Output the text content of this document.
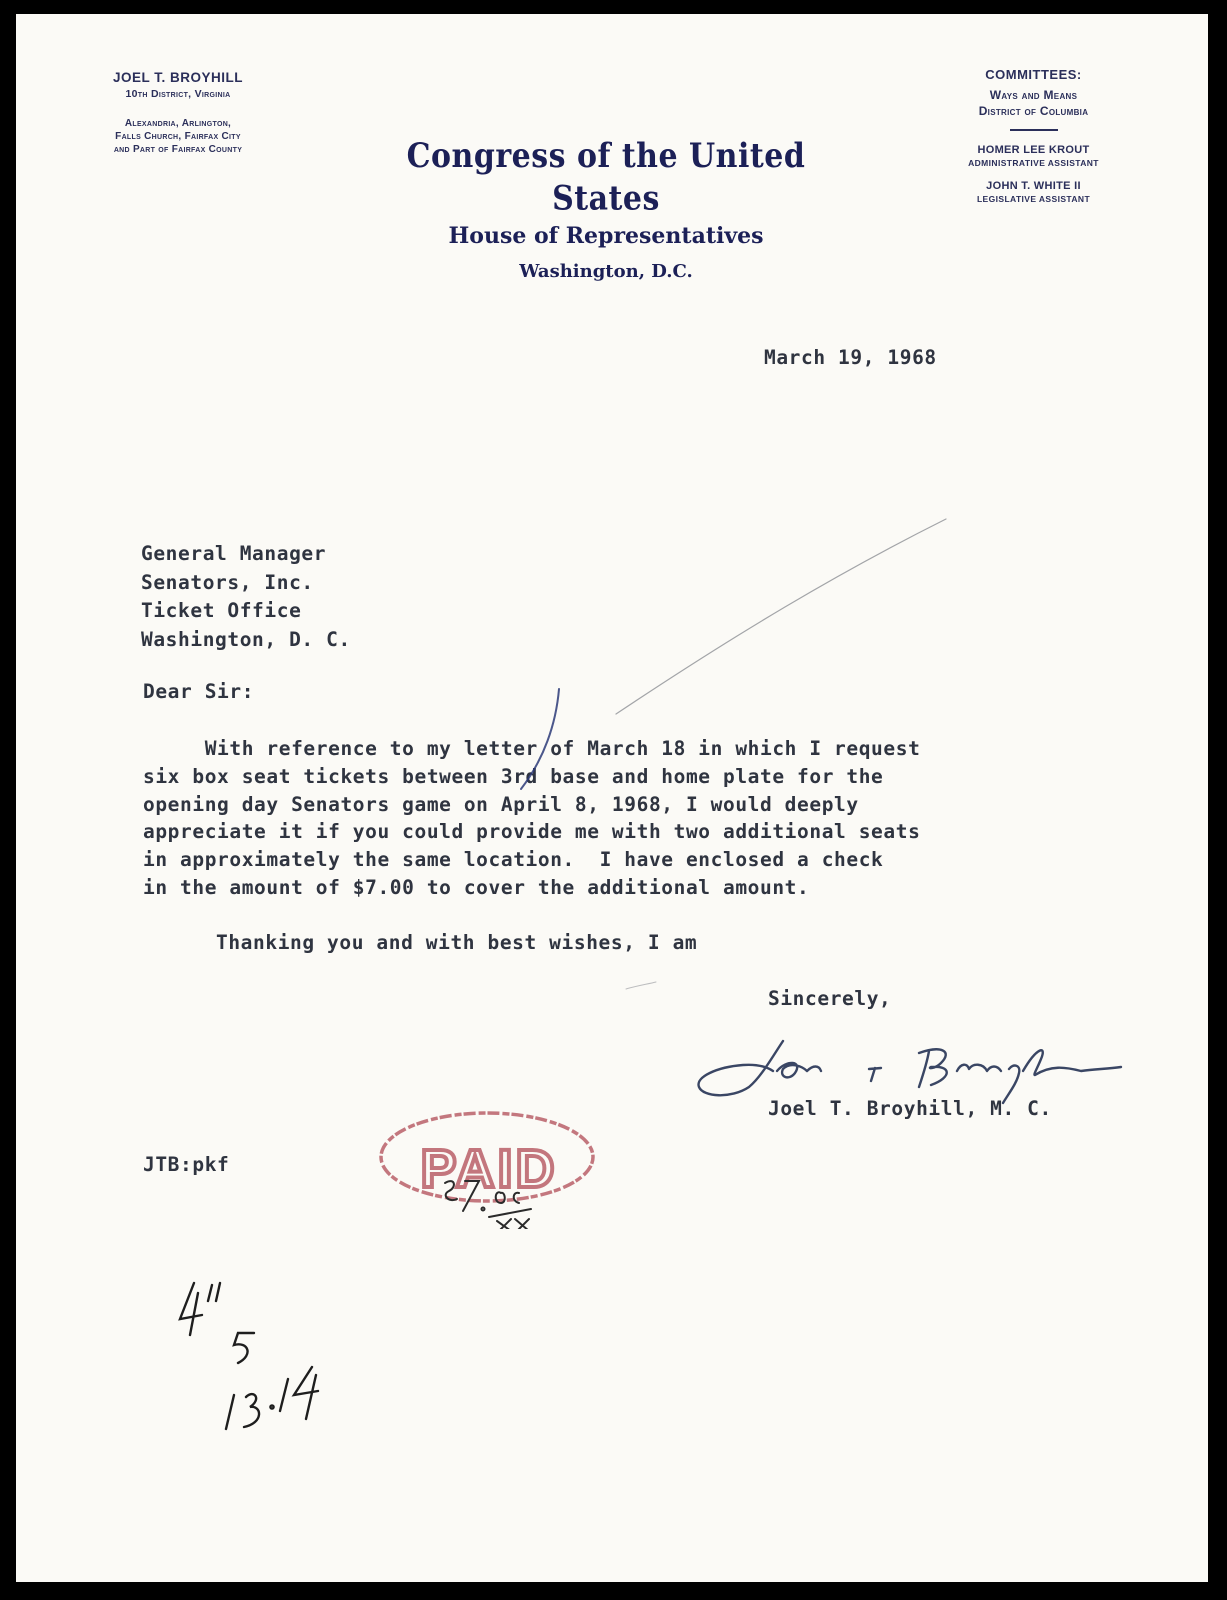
JOEL T. BROYHILL
10th District, Virginia
Alexandria, Arlington,
Falls Church, Fairfax City
and Part of Fairfax County	Congress of the United States
House of Representatives
Washington, D.C.
COMMITTEES:
Ways and Means
District of Columbia
HOMER LEE KROUT
ADMINISTRATIVE ASSISTANT
JOHN T. WHITE II
LEGISLATIVE ASSISTANT
March 19, 1968
General Manager
Senators, Inc.
Ticket Office
Washington, D. C.
Dear Sir:
With reference to my letter of March 18 in which I request
six box seat tickets between 3rd base and home plate for the
opening day Senators game on April 8, 1968, I would deeply
appreciate it if you could provide me with two additional seats
in approximately the same location.  I have enclosed a check
in the amount of $7.00 to cover the additional amount.
Thanking you and with best wishes, I am
Sincerely,
Joel T. Broyhill, M. C.
JTB:pkf	PAID
